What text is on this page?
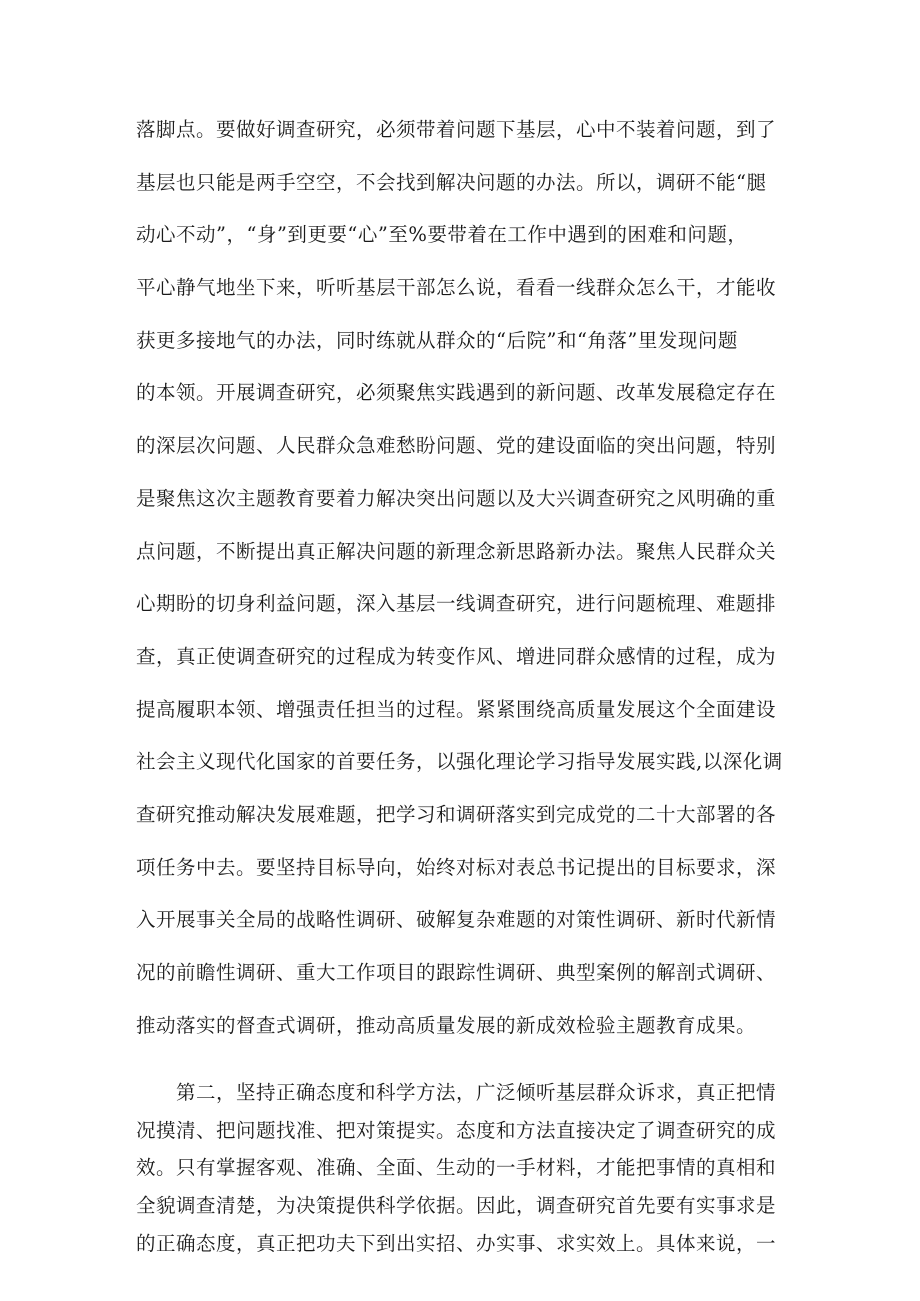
落脚点。要做好调查研究，必须带着问题下基层，心中不装着问题，到了
基层也只能是两手空空，不会找到解决问题的办法。所以，调研不能“腿
动心不动”，“身”到更要“心”至%要带着在工作中遇到的困难和问题，
平心静气地坐下来，听听基层干部怎么说，看看一线群众怎么干，才能收
获更多接地气的办法，同时练就从群众的“后院”和“角落”里发现问题
的本领。开展调查研究，必须聚焦实践遇到的新问题、改革发展稳定存在
的深层次问题、人民群众急难愁盼问题、党的建设面临的突出问题，特别
是聚焦这次主题教育要着力解决突出问题以及大兴调查研究之风明确的重
点问题，不断提出真正解决问题的新理念新思路新办法。聚焦人民群众关
心期盼的切身利益问题，深入基层一线调查研究，进行问题梳理、难题排
查，真正使调查研究的过程成为转变作风、增进同群众感情的过程，成为
提高履职本领、增强责任担当的过程。紧紧围绕高质量发展这个全面建设
社会主义现代化国家的首要任务，以强化理论学习指导发展实践,以深化调
查研究推动解决发展难题，把学习和调研落实到完成党的二十大部署的各
项任务中去。要坚持目标导向，始终对标对表总书记提出的目标要求，深
入开展事关全局的战略性调研、破解复杂难题的对策性调研、新时代新情
况的前瞻性调研、重大工作项目的跟踪性调研、典型案例的解剖式调研、
推动落实的督查式调研，推动高质量发展的新成效检验主题教育成果。
第二，坚持正确态度和科学方法，广泛倾听基层群众诉求，真正把情
况摸清、把问题找准、把对策提实。态度和方法直接决定了调查研究的成
效。只有掌握客观、准确、全面、生动的一手材料，才能把事情的真相和
全貌调查清楚，为决策提供科学依据。因此，调查研究首先要有实事求是
的正确态度，真正把功夫下到出实招、办实事、求实效上。具体来说，一
